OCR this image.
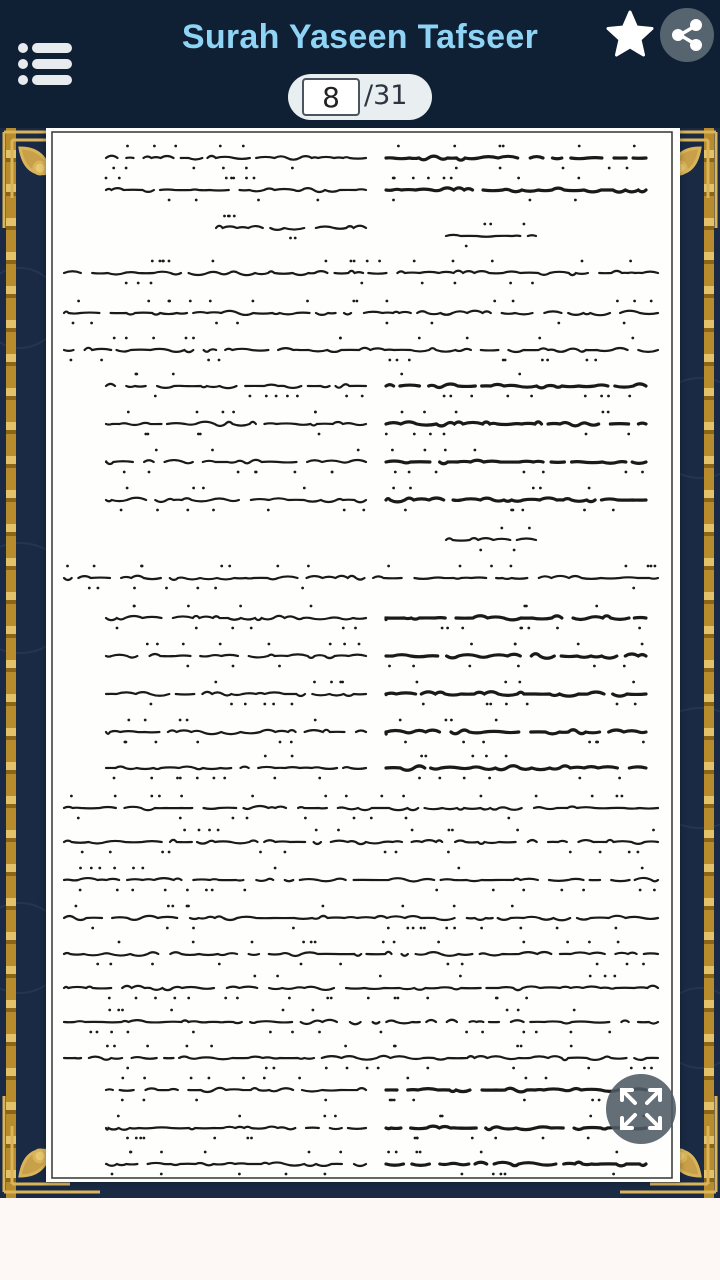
Surah Yaseen Tafseer
8
/31
